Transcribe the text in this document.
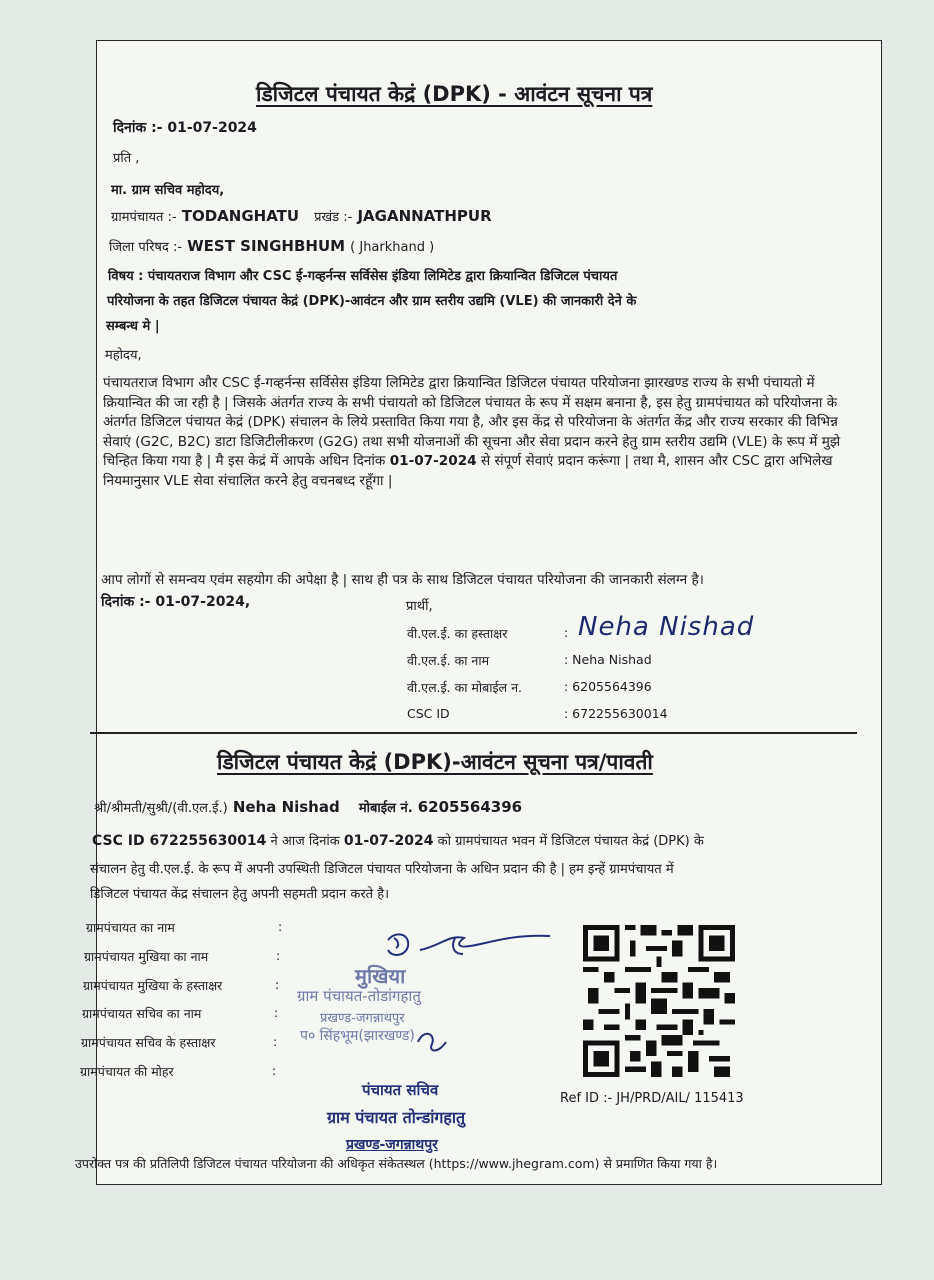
डिजिटल पंचायत केद्रं (DPK) - आवंटन सूचना पत्र
दिनांक :- 01-07-2024
प्रति ,
मा. ग्राम सचिव महोदय,
ग्रामपंचायत :- TODANGHATU प्रखंड :- JAGANNATHPUR
जिला परिषद :- WEST SINGHBHUM ( Jharkhand )
विषय : पंचायतराज विभाग और CSC ई-गव्हर्नन्स सर्विसेस इंडिया लिमिटेड द्वारा क्रियान्वित डिजिटल पंचायत
परियोजना के तहत डिजिटल पंचायत केद्रं (DPK)-आवंटन और ग्राम स्तरीय उद्यमि (VLE) की जानकारी देने के
सम्बन्ध मे |
महोदय,
पंचायतराज विभाग और CSC ई-गव्हर्नन्स सर्विसेस इंडिया लिमिटेड द्वारा क्रियान्वित डिजिटल पंचायत परियोजना झारखण्ड राज्य के सभी पंचायतो में क्रियान्वित की जा रही है | जिसके अंतर्गत राज्य के सभी पंचायतो को डिजिटल पंचायत के रूप में सक्षम बनाना है, इस हेतु ग्रामपंचायत को परियोजना के अंतर्गत डिजिटल पंचायत केद्रं (DPK) संचालन के लिये प्रस्तावित किया गया है, और इस केंद्र से परियोजना के अंतर्गत केंद्र और राज्य सरकार की विभिन्न सेवाएं (G2C, B2C) डाटा डिजिटीलीकरण (G2G) तथा सभी योजनाओं की सूचना और सेवा प्रदान करने हेतु ग्राम स्तरीय उद्यमि (VLE) के रूप में मुझे चिन्हित किया गया है | मै इस केद्रं में आपके अधिन दिनांक 01-07-2024 से संपूर्ण सेवाएं प्रदान करूंगा | तथा मै, शासन और CSC द्वारा अभिलेख नियमानुसार VLE सेवा संचालित करने हेतु वचनबध्द रहूँगा |
आप लोगों से समन्वय एवंम सहयोग की अपेक्षा है | साथ ही पत्र के साथ डिजिटल पंचायत परियोजना की जानकारी संलग्न है।
दिनांक :- 01-07-2024,	प्रार्थी,
वी.एल.ई. का हस्ताक्षर	: Neha Nishad
वी.एल.ई. का नाम	: Neha Nishad
वी.एल.ई. का मोबाईल न.	: 6205564396
CSC ID	: 672255630014
डिजिटल पंचायत केद्रं (DPK)-आवंटन सूचना पत्र/पावती
श्री/श्रीमती/सुश्री/(वी.एल.ई.) Neha Nishad मोबाईल नं. 6205564396
CSC ID 672255630014 ने आज दिनांक 01-07-2024 को ग्रामपंचायत भवन में डिजिटल पंचायत केद्रं (DPK) के
संचालन हेतु वी.एल.ई. के रूप में अपनी उपस्थिती डिजिटल पंचायत परियोजना के अधिन प्रदान की है | हम इन्हें ग्रामपंचायत में
डिजिटल पंचायत केंद्र संचालन हेतु अपनी सहमती प्रदान करते है।
ग्रामपंचायत का नाम	:
ग्रामपंचायत मुखिया का नाम	:
ग्रामपंचायत मुखिया के हस्ताक्षर	:
ग्रामपंचायत सचिव का नाम	:
ग्रामपंचायत सचिव के हस्ताक्षर	:
ग्रामपंचायत की मोहर	:
मुखिया
ग्राम पंचायत-तोडांगहातु
प्रखण्ड-जगन्नाथपुर
प० सिंहभूम(झारखण्ड)
पंचायत सचिव
ग्राम पंचायत तोन्डांगहातु
प्रखण्ड-जगन्नाथपुर
Ref ID :- JH/PRD/AIL/ 115413
उपरोक्त पत्र की प्रतिलिपी डिजिटल पंचायत परियोजना की अधिकृत संकेतस्थल (https://www.jhegram.com) से प्रमाणित किया गया है।
